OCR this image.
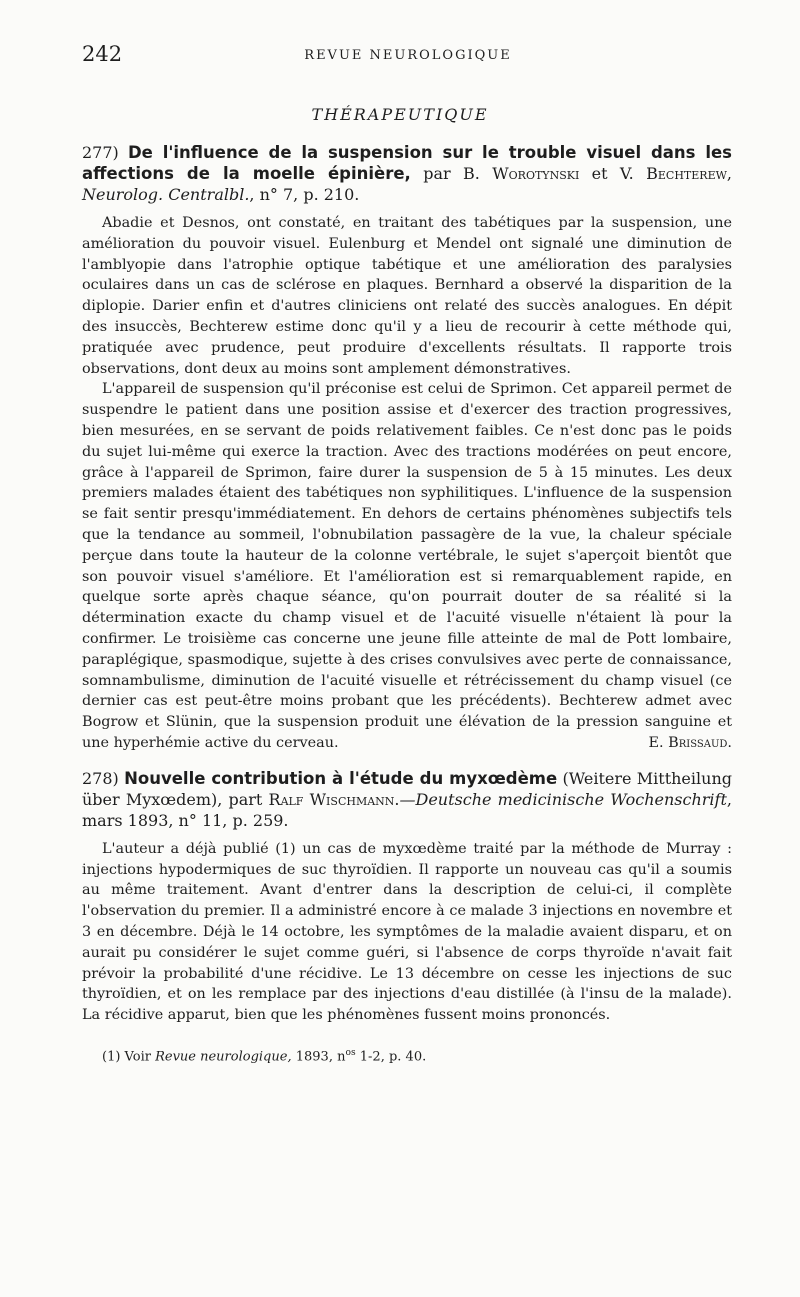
242	REVUE NEUROLOGIQUE
THÉRAPEUTIQUE
277) De l'influence de la suspension sur le trouble visuel dans les affections de la moelle épinière, par B. Worotynski et V. Bechterew, Neurolog. Centralbl., n° 7, p. 210.

Abadie et Desnos, ont constaté, en traitant des tabétiques par la suspension, une amélioration du pouvoir visuel. Eulenburg et Mendel ont signalé une diminution de l'amblyopie dans l'atrophie optique tabétique et une amélioration des paralysies oculaires dans un cas de sclérose en plaques. Bernhard a observé la disparition de la diplopie. Darier enfin et d'autres cliniciens ont relaté des succès analogues. En dépit des insuccès, Bechterew estime donc qu'il y a lieu de recourir à cette méthode qui, pratiquée avec prudence, peut produire d'excellents résultats. Il rapporte trois observations, dont deux au moins sont amplement démonstratives.

L'appareil de suspension qu'il préconise est celui de Sprimon. Cet appareil permet de suspendre le patient dans une position assise et d'exercer des traction progressives, bien mesurées, en se servant de poids relativement faibles. Ce n'est donc pas le poids du sujet lui-même qui exerce la traction. Avec des tractions modérées on peut encore, grâce à l'appareil de Sprimon, faire durer la suspension de 5 à 15 minutes. Les deux premiers malades étaient des tabétiques non syphilitiques. L'influence de la suspension se fait sentir presqu'immédiatement. En dehors de certains phénomènes subjectifs tels que la tendance au sommeil, l'obnubilation passagère de la vue, la chaleur spéciale perçue dans toute la hauteur de la colonne vertébrale, le sujet s'aperçoit bientôt que son pouvoir visuel s'améliore. Et l'amélioration est si remarquablement rapide, en quelque sorte après chaque séance, qu'on pourrait douter de sa réalité si la détermination exacte du champ visuel et de l'acuité visuelle n'étaient là pour la confirmer. Le troisième cas concerne une jeune fille atteinte de mal de Pott lombaire, paraplégique, spasmodique, sujette à des crises convulsives avec perte de connaissance, somnambulisme, diminution de l'acuité visuelle et rétrécissement du champ visuel (ce dernier cas est peut-être moins probant que les précédents). Bechterew admet avec Bogrow et Slünin, que la suspension produit une élévation de la pression sanguine et une hyperhémie active du cerveau.	E. Brissaud.

278) Nouvelle contribution à l'étude du myxœdème (Weitere Mittheilung über Myxœdem), part Ralf Wischmann.—Deutsche medicinische Wochenschrift, mars 1893, n° 11, p. 259.

L'auteur a déjà publié (1) un cas de myxœdème traité par la méthode de Murray : injections hypodermiques de suc thyroïdien. Il rapporte un nouveau cas qu'il a soumis au même traitement. Avant d'entrer dans la description de celui-ci, il complète l'observation du premier. Il a administré encore à ce malade 3 injections en novembre et 3 en décembre. Déjà le 14 octobre, les symptômes de la maladie avaient disparu, et on aurait pu considérer le sujet comme guéri, si l'absence de corps thyroïde n'avait fait prévoir la probabilité d'une récidive. Le 13 décembre on cesse les injections de suc thyroïdien, et on les remplace par des injections d'eau distillée (à l'insu de la malade). La récidive apparut, bien que les phénomènes fussent moins prononcés.

(1) Voir Revue neurologique, 1893, $n^{os}$ 1-2, p. 40.
